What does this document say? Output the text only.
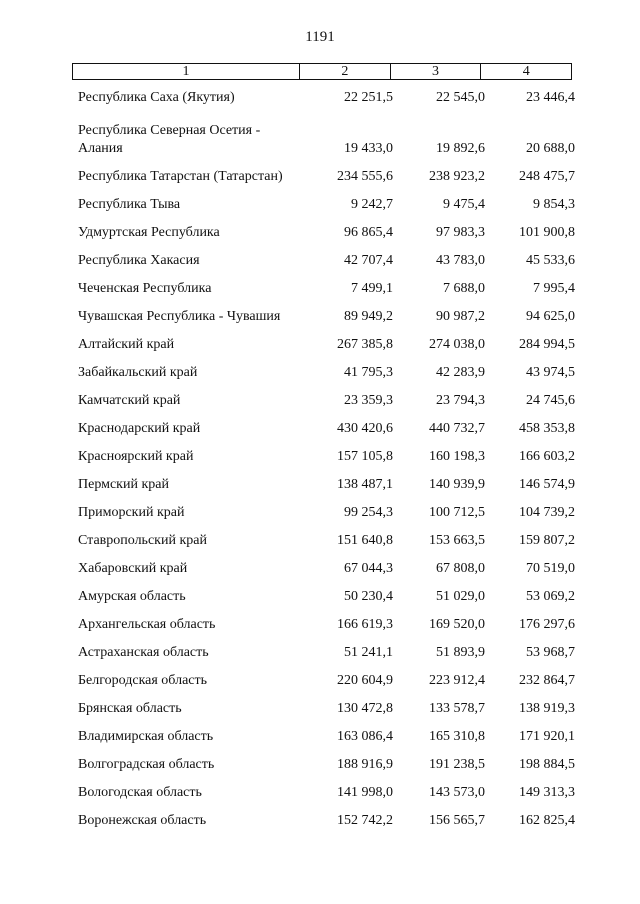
1191
1	2	3	4
Республика Саха (Якутия)	22 251,5	22 545,0	23 446,4
Республика Северная Осетия - Алания	19 433,0	19 892,6	20 688,0
Республика Татарстан (Татарстан)	234 555,6	238 923,2	248 475,7
Республика Тыва	9 242,7	9 475,4	9 854,3
Удмуртская Республика	96 865,4	97 983,3	101 900,8
Республика Хакасия	42 707,4	43 783,0	45 533,6
Чеченская Республика	7 499,1	7 688,0	7 995,4
Чувашская Республика - Чувашия	89 949,2	90 987,2	94 625,0
Алтайский край	267 385,8	274 038,0	284 994,5
Забайкальский край	41 795,3	42 283,9	43 974,5
Камчатский край	23 359,3	23 794,3	24 745,6
Краснодарский край	430 420,6	440 732,7	458 353,8
Красноярский край	157 105,8	160 198,3	166 603,2
Пермский край	138 487,1	140 939,9	146 574,9
Приморский край	99 254,3	100 712,5	104 739,2
Ставропольский край	151 640,8	153 663,5	159 807,2
Хабаровский край	67 044,3	67 808,0	70 519,0
Амурская область	50 230,4	51 029,0	53 069,2
Архангельская область	166 619,3	169 520,0	176 297,6
Астраханская область	51 241,1	51 893,9	53 968,7
Белгородская область	220 604,9	223 912,4	232 864,7
Брянская область	130 472,8	133 578,7	138 919,3
Владимирская область	163 086,4	165 310,8	171 920,1
Волгоградская область	188 916,9	191 238,5	198 884,5
Вологодская область	141 998,0	143 573,0	149 313,3
Воронежская область	152 742,2	156 565,7	162 825,4
